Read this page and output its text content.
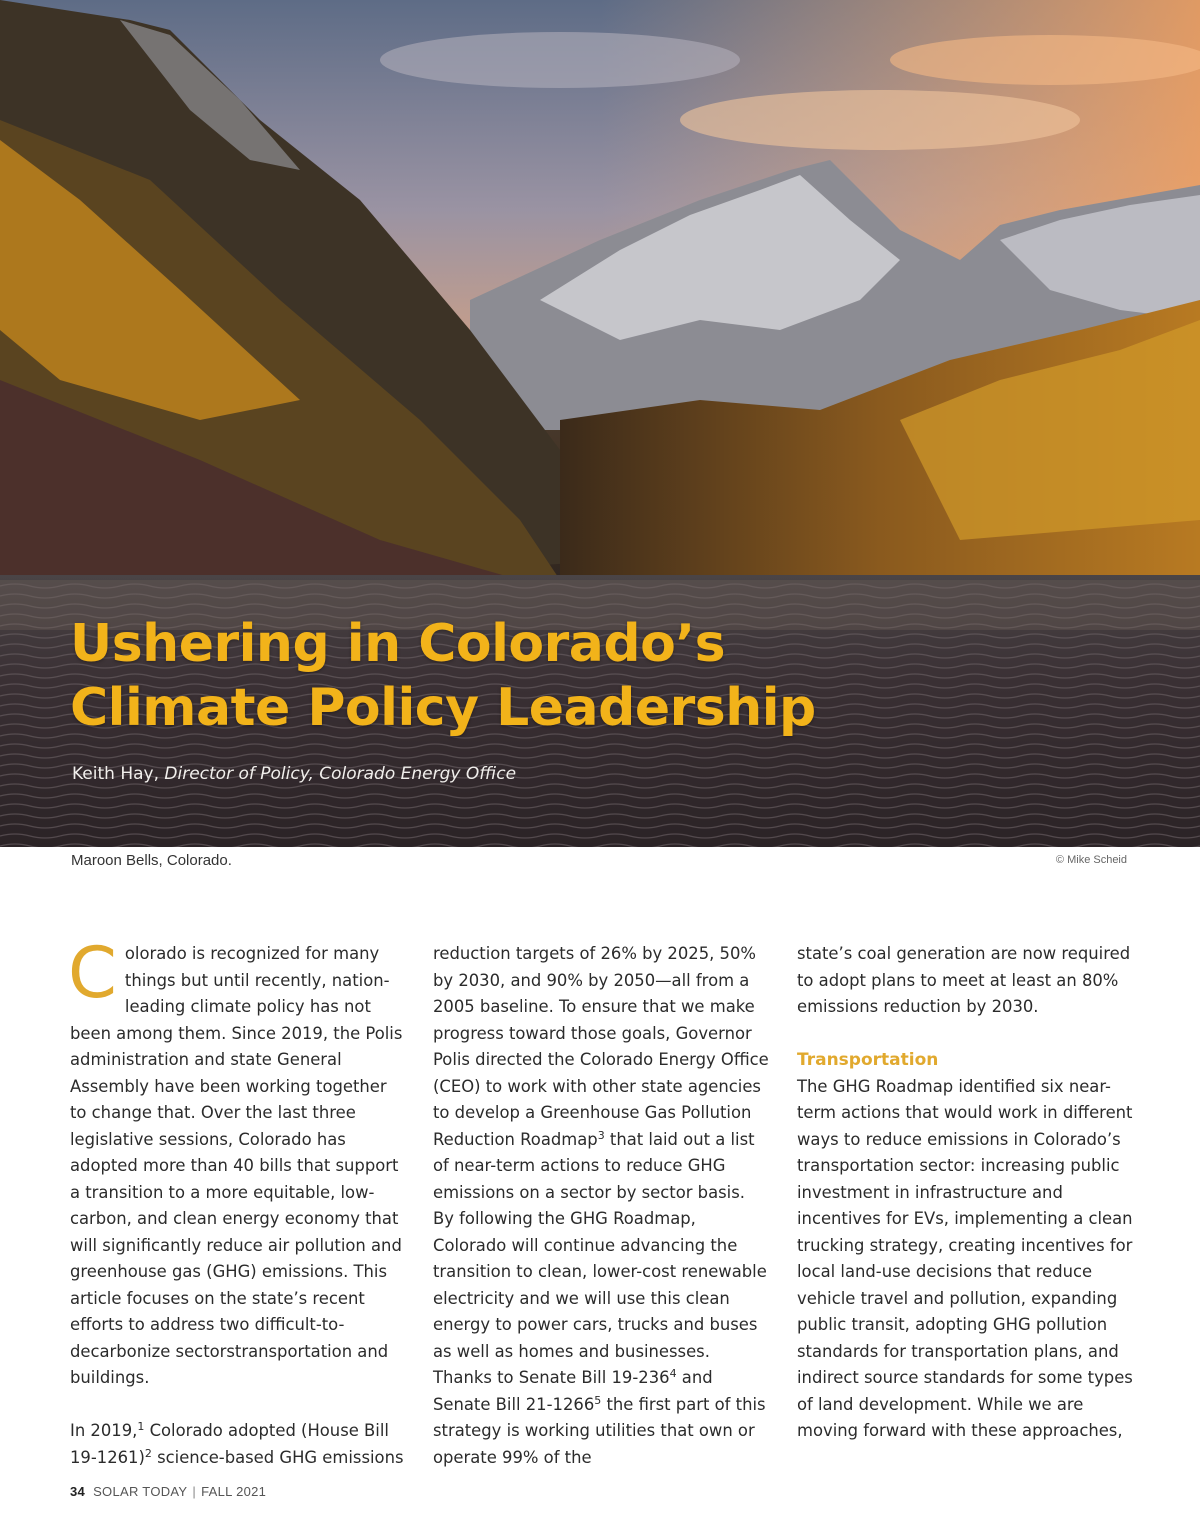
Ushering in Colorado’s
Climate Policy Leadership
Keith Hay, Director of Policy, Colorado Energy Office
Maroon Bells, Colorado.	© Mike Scheid

Colorado is recognized for many things but until recently, nation-leading climate policy has not been among them. Since 2019, the Polis administration and state General Assembly have been working together to change that. Over the last three legislative sessions, Colorado has adopted more than 40 bills that support a transition to a more equitable, low-carbon, and clean energy economy that will significantly reduce air pollution and greenhouse gas (GHG) emissions. This article focuses on the state’s recent efforts to address two difficult-to-decarbonize sectorstransportation and buildings.

In 2019,$^1$ Colorado adopted (House Bill 19-1261)$^2$ science-based GHG emissions

reduction targets of 26% by 2025, 50% by 2030, and 90% by 2050—all from a 2005 baseline. To ensure that we make progress toward those goals, Governor Polis directed the Colorado Energy Office (CEO) to work with other state agencies to develop a Greenhouse Gas Pollution Reduction Roadmap$^3$ that laid out a list of near-term actions to reduce GHG emissions on a sector by sector basis. By following the GHG Roadmap, Colorado will continue advancing the transition to clean, lower-cost renewable electricity and we will use this clean energy to power cars, trucks and buses as well as homes and businesses. Thanks to Senate Bill $19-236^4$ and Senate Bill 21-1266$^5$ the first part of this strategy is working utilities that own or operate 99% of the

state’s coal generation are now required to adopt plans to meet at least an 80% emissions reduction by 2030.

Transportation

The GHG Roadmap identified six near-term actions that would work in different ways to reduce emissions in Colorado’s transportation sector: increasing public investment in infrastructure and incentives for EVs, implementing a clean trucking strategy, creating incentives for local land-use decisions that reduce vehicle travel and pollution, expanding public transit, adopting GHG pollution standards for transportation plans, and indirect source standards for some types of land development. While we are moving forward with these approaches,

34 SOLAR TODAY | FALL 2021
